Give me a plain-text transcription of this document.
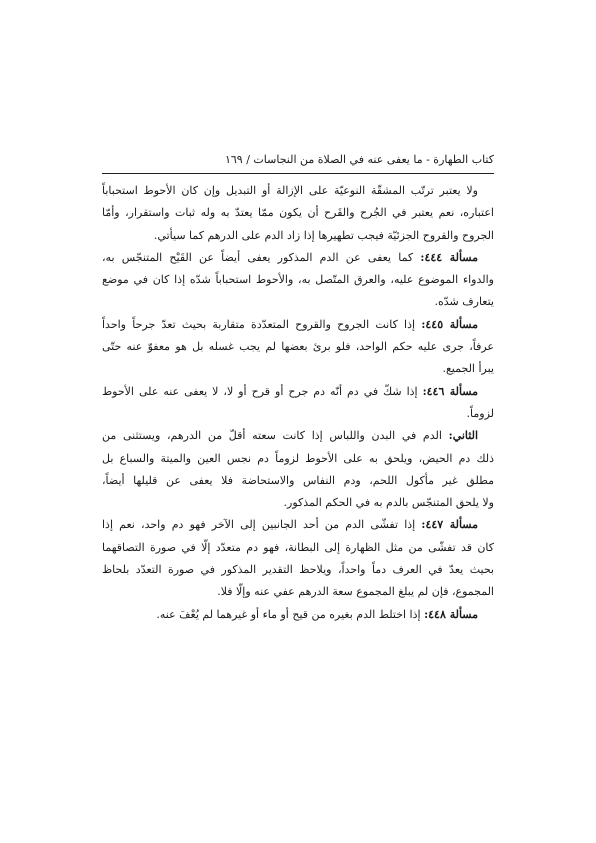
كتاب الطهارة - ما يعفى عنه في الصلاة من النجاسات / ١٦٩
ولا يعتبر ترتّب المشقّة النوعيّة على الإزالة أو التبديل وإن كان الأحوط استحباباً
اعتباره، نعم يعتبر في الجُرح والقَرح أن يكون ممّا يعتدّ به وله ثبات واستقرار، وأمّا
الجروح والقروح الجزئيّة فيجب تطهيرها إذا زاد الدم على الدرهم كما سيأتي.
مسألة ٤٤٤: كما يعفى عن الدم المذكور يعفى أيضاً عن القَيْح المتنجّس به،
والدواء الموضوع عليه، والعرق المتّصل به، والأحوط استحباباً شدّه إذا كان في موضع
يتعارف شدّه.
مسألة ٤٤٥: إذا كانت الجروح والقروح المتعدّدة متقاربة بحيث تعدّ جرحاً واحداً
عرفاً، جرى عليه حكم الواحد، فلو برئ بعضها لم يجب غسله بل هو معفوّ عنه حتّى
يبرأ الجميع.
مسألة ٤٤٦: إذا شكّ في دم أنّه دم جرح أو قرح أو لا، لا يعفى عنه على الأحوط
لزوماً.
الثاني: الدم في البدن واللباس إذا كانت سعته أقلّ من الدرهم، ويستثنى من
ذلك دم الحيض، ويلحق به على الأحوط لزوماً دم نجس العين والميتة والسباع بل
مطلق غير مأكول اللحم، ودم النفاس والاستحاضة فلا يعفى عن قليلها أيضاً،
ولا يلحق المتنجّس بالدم به في الحكم المذكور.
مسألة ٤٤٧: إذا تفشّى الدم من أحد الجانبين إلى الآخر فهو دم واحد، نعم إذا
كان قد تفشّى من مثل الظهارة إلى البطانة، فهو دم متعدّد إلّا في صورة التصاقهما
بحيث يعدّ في العرف دماً واحداً، ويلاحظ التقدير المذكور في صورة التعدّد بلحاظ
المجموع، فإن لم يبلغ المجموع سعة الدرهم عفي عنه وإلّا فلا.
مسألة ٤٤٨: إذا اختلط الدم بغيره من قيح أو ماء أو غيرهما لم يُعْفَ عنه.
